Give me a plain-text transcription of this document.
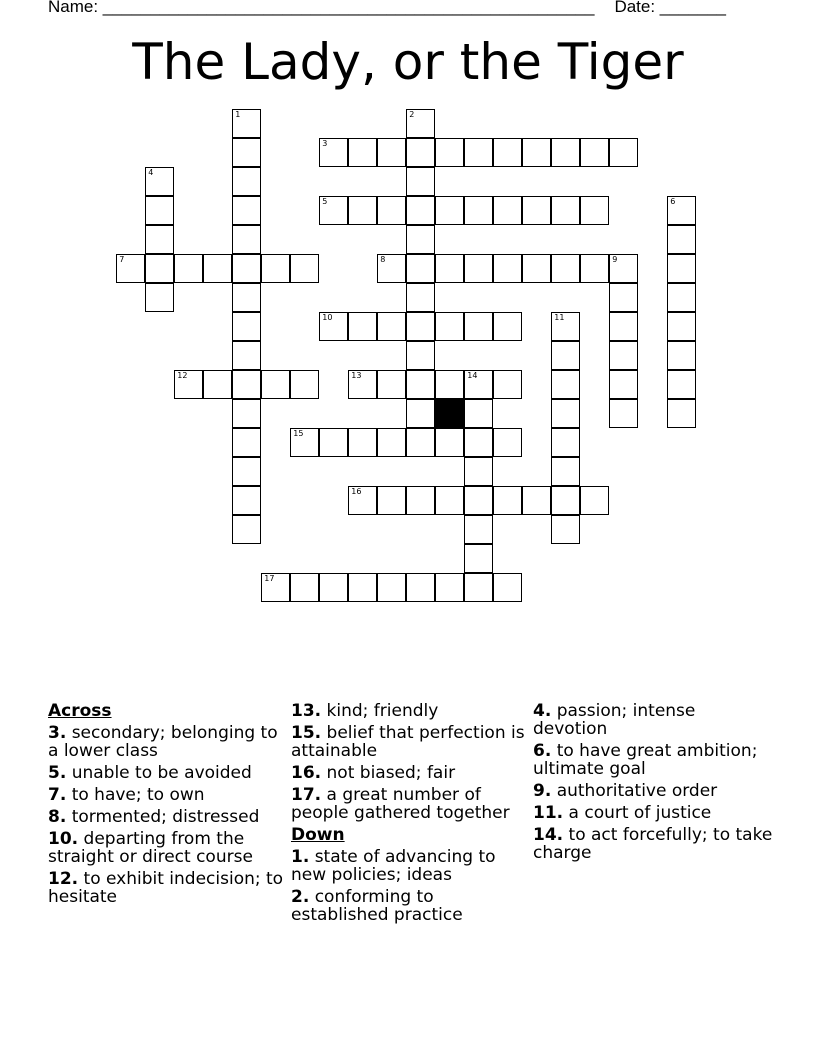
Name: ____________________________________________________ Date: _______
The Lady, or the Tiger
1	2
3
4
5	6
7	8	9
10	11
12	13	14
15
16
17
Across
3. secondary; belonging to a lower class
5. unable to be avoided
7. to have; to own
8. tormented; distressed
10. departing from the straight or direct course
12. to exhibit indecision; to hesitate
13. kind; friendly
15. belief that perfection is attainable
16. not biased; fair
17. a great number of people gathered together
Down
1. state of advancing to new policies; ideas
2. conforming to established practice
4. passion; intense devotion
6. to have great ambition; ultimate goal
9. authoritative order
11. a court of justice
14. to act forcefully; to take charge
